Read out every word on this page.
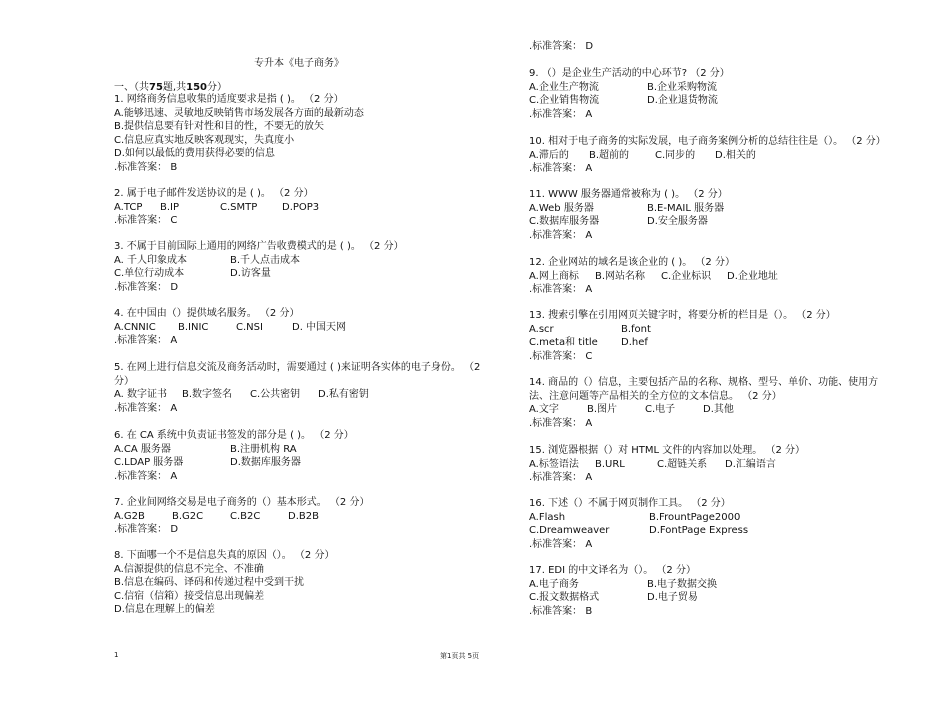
专升本《电子商务》
一、（共75题,共150分）
1. 网络商务信息收集的适度要求是指 ( )。 （2 分）
A.能够迅速、灵敏地反映销售市场发展各方面的最新动态
B.提供信息要有针对性和目的性，不要无的放矢
C.信息应真实地反映客观现实，失真度小
D.如何以最低的费用获得必要的信息
.标准答案： B
2. 属于电子邮件发送协议的是 ( )。 （2 分）
A.TCP B.IP	C.SMTP D.POP3
.标准答案： C
3. 不属于目前国际上通用的网络广告收费模式的是 ( )。 （2 分）
A. 千人印象成本	B.千人点击成本
C.单位行动成本	D.访客量
.标准答案： D
4. 在中国由（）提供域名服务。 （2 分）
A.CNNIC B.INIC	C.NSI	D. 中国天网
.标准答案： A
5. 在网上进行信息交流及商务活动时，需要通过 ( )来证明各实体的电子身份。 （2
分）
A. 数字证书 B.数字签名 C.公共密钥 D.私有密钥
.标准答案： A
6. 在 CA 系统中负责证书签发的部分是 ( )。 （2 分）
A.CA 服务器	B.注册机构 RA
C.LDAP 服务器	D.数据库服务器
.标准答案： A
7. 企业间网络交易是电子商务的（）基本形式。 （2 分）
A.G2B	B.G2C	C.B2C	D.B2B
.标准答案： D
8. 下面哪一个不是信息失真的原因（）。 （2 分）
A.信源提供的信息不完全、不准确
B.信息在编码、译码和传递过程中受到干扰
C.信宿（信箱）接受信息出现偏差
D.信息在理解上的偏差
.标准答案： D
9. （）是企业生产活动的中心环节? （2 分）
A.企业生产物流	B.企业采购物流
C.企业销售物流	D.企业退货物流
.标准答案： A
10. 相对于电子商务的实际发展，电子商务案例分析的总结往往是（）。 （2 分）
A.滞后的 B.超前的	C.同步的 D.相关的
.标准答案： A
11. WWW 服务器通常被称为 ( )。 （2 分）
A.Web 服务器	B.E-MAIL 服务器
C.数据库服务器	D.安全服务器
.标准答案： A
12. 企业网站的域名是该企业的 ( )。 （2 分）
A.网上商标 B.网站名称 C.企业标识 D.企业地址
.标准答案： A
13. 搜索引擎在引用网页关键字时，将要分析的栏目是（）。 （2 分）
A.scr	B.font
C.meta和 title D.hef
.标准答案： C
14. 商品的（）信息，主要包括产品的名称、规格、型号、单价、功能、使用方
法、注意问题等产品相关的全方位的文本信息。 （2 分）
A.文字	B.图片	C.电子	D.其他
.标准答案： A
15. 浏览器根据（）对 HTML 文件的内容加以处理。 （2 分）
A.标签语法 B.URL	C.超链关系 D.汇编语言
.标准答案： A
16. 下述（）不属于网页制作工具。 （2 分）
A.Flash	B.FrountPage2000
C.Dreamweaver	D.FontPage Express
.标准答案： A
17. EDI 的中文译名为（）。 （2 分）
A.电子商务	B.电子数据交换
C.报文数据格式	D.电子贸易
.标准答案： B
1	第1页共 5页
